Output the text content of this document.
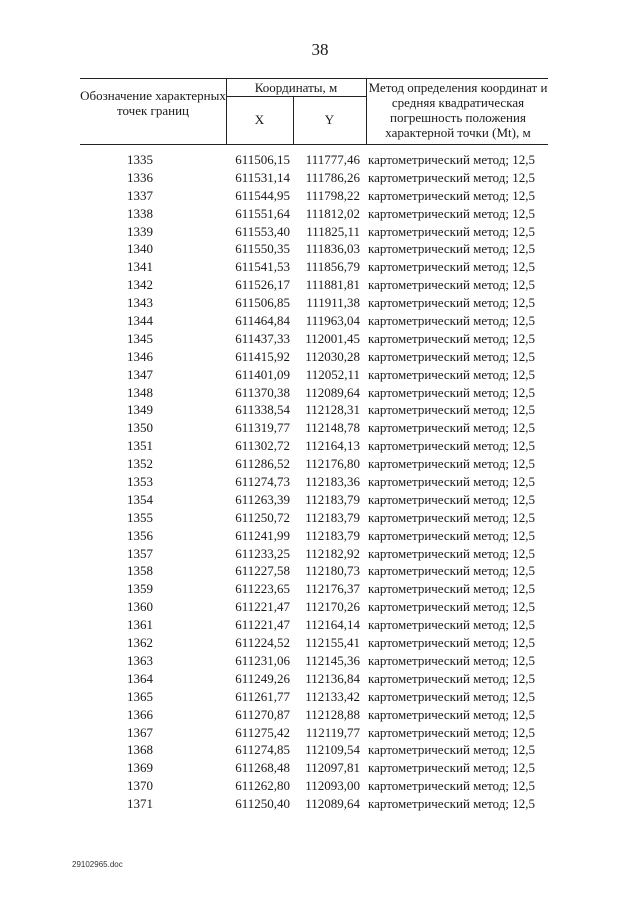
38
Обозначение характерных точек границ
Координаты, м
X	Y
Метод определения координат и средняя квадратическая погрешность положения характерной точки (Mt), м
1335	611506,15	111777,46 картометрический метод; 12,5
1336	611531,14	111786,26 картометрический метод; 12,5
1337	611544,95	111798,22 картометрический метод; 12,5
1338	611551,64	111812,02 картометрический метод; 12,5
1339	611553,40	111825,11 картометрический метод; 12,5
1340	611550,35	111836,03 картометрический метод; 12,5
1341	611541,53	111856,79 картометрический метод; 12,5
1342	611526,17	111881,81 картометрический метод; 12,5
1343	611506,85	111911,38 картометрический метод; 12,5
1344	611464,84	111963,04 картометрический метод; 12,5
1345	611437,33	112001,45 картометрический метод; 12,5
1346	611415,92	112030,28 картометрический метод; 12,5
1347	611401,09	112052,11 картометрический метод; 12,5
1348	611370,38	112089,64 картометрический метод; 12,5
1349	611338,54	112128,31 картометрический метод; 12,5
1350	611319,77	112148,78 картометрический метод; 12,5
1351	611302,72	112164,13 картометрический метод; 12,5
1352	611286,52	112176,80 картометрический метод; 12,5
1353	611274,73	112183,36 картометрический метод; 12,5
1354	611263,39	112183,79 картометрический метод; 12,5
1355	611250,72	112183,79 картометрический метод; 12,5
1356	611241,99	112183,79 картометрический метод; 12,5
1357	611233,25	112182,92 картометрический метод; 12,5
1358	611227,58	112180,73 картометрический метод; 12,5
1359	611223,65	112176,37 картометрический метод; 12,5
1360	611221,47	112170,26 картометрический метод; 12,5
1361	611221,47	112164,14 картометрический метод; 12,5
1362	611224,52	112155,41 картометрический метод; 12,5
1363	611231,06	112145,36 картометрический метод; 12,5
1364	611249,26	112136,84 картометрический метод; 12,5
1365	611261,77	112133,42 картометрический метод; 12,5
1366	611270,87	112128,88 картометрический метод; 12,5
1367	611275,42	112119,77 картометрический метод; 12,5
1368	611274,85	112109,54 картометрический метод; 12,5
1369	611268,48	112097,81 картометрический метод; 12,5
1370	611262,80	112093,00 картометрический метод; 12,5
1371	611250,40	112089,64 картометрический метод; 12,5
29102965.doc
